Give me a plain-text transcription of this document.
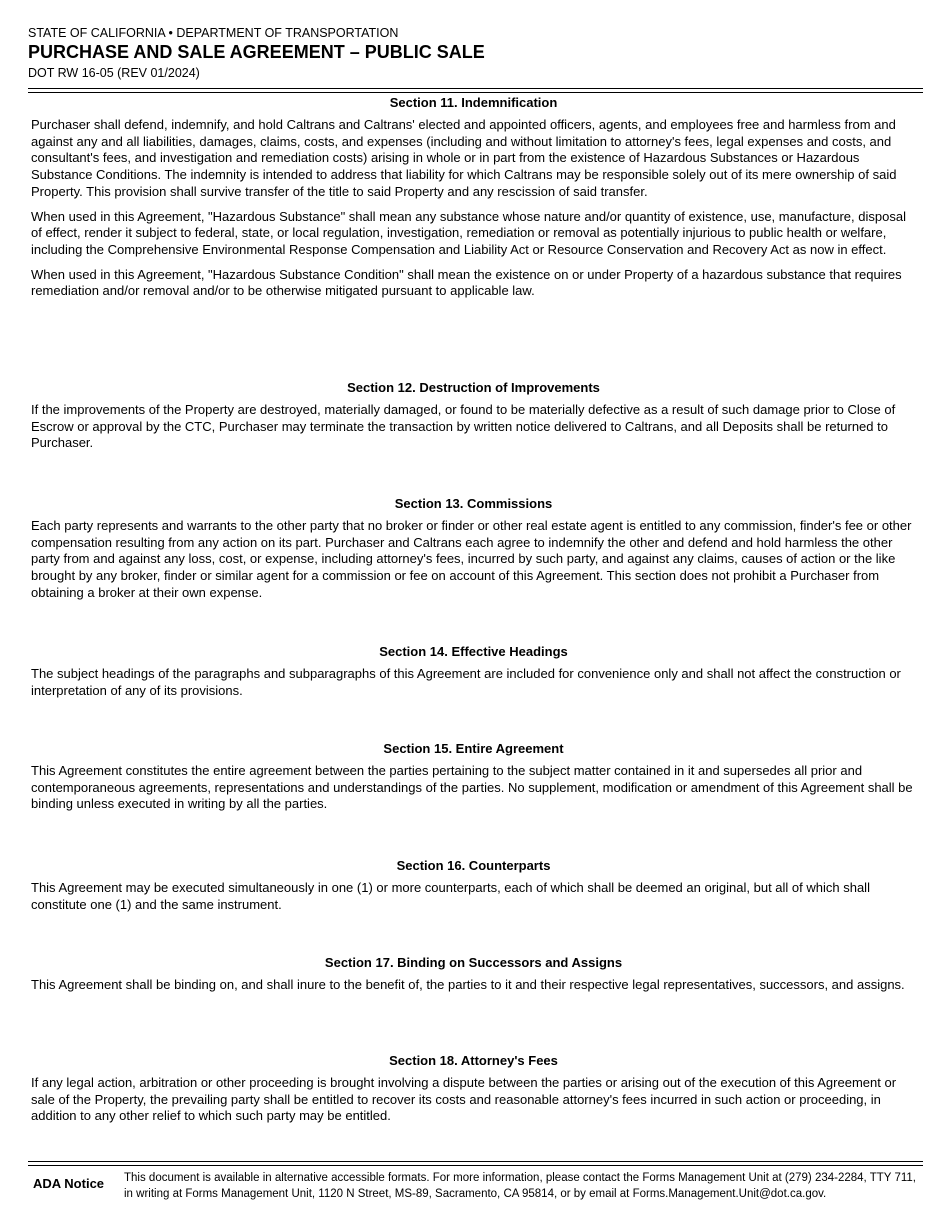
STATE OF CALIFORNIA • DEPARTMENT OF TRANSPORTATION
PURCHASE AND SALE AGREEMENT – PUBLIC SALE
DOT RW 16-05 (REV 01/2024)
Section 11. Indemnification

Purchaser shall defend, indemnify, and hold Caltrans and Caltrans' elected and appointed officers, agents, and employees free and harmless from and against any and all liabilities, damages, claims, costs, and expenses (including and without limitation to attorney's fees, legal expenses and costs, and consultant's fees, and investigation and remediation costs) arising in whole or in part from the existence of Hazardous Substances or Hazardous Substance Conditions. The indemnity is intended to address that liability for which Caltrans may be responsible solely out of its mere ownership of said Property. This provision shall survive transfer of the title to said Property and any rescission of said transfer.

When used in this Agreement, "Hazardous Substance" shall mean any substance whose nature and/or quantity of existence, use, manufacture, disposal of effect, render it subject to federal, state, or local regulation, investigation, remediation or removal as potentially injurious to public health or welfare, including the Comprehensive Environmental Response Compensation and Liability Act or Resource Conservation and Recovery Act as now in effect.

When used in this Agreement, "Hazardous Substance Condition" shall mean the existence on or under Property of a hazardous substance that requires remediation and/or removal and/or to be otherwise mitigated pursuant to applicable law.

Section 12. Destruction of Improvements

If the improvements of the Property are destroyed, materially damaged, or found to be materially defective as a result of such damage prior to Close of Escrow or approval by the CTC, Purchaser may terminate the transaction by written notice delivered to Caltrans, and all Deposits shall be returned to Purchaser.

Section 13. Commissions

Each party represents and warrants to the other party that no broker or finder or other real estate agent is entitled to any commission, finder's fee or other compensation resulting from any action on its part. Purchaser and Caltrans each agree to indemnify the other and defend and hold harmless the other party from and against any loss, cost, or expense, including attorney's fees, incurred by such party, and against any claims, causes of action or the like brought by any broker, finder or similar agent for a commission or fee on account of this Agreement. This section does not prohibit a Purchaser from obtaining a broker at their own expense.

Section 14. Effective Headings

The subject headings of the paragraphs and subparagraphs of this Agreement are included for convenience only and shall not affect the construction or interpretation of any of its provisions.

Section 15. Entire Agreement

This Agreement constitutes the entire agreement between the parties pertaining to the subject matter contained in it and supersedes all prior and contemporaneous agreements, representations and understandings of the parties. No supplement, modification or amendment of this Agreement shall be binding unless executed in writing by all the parties.

Section 16. Counterparts

This Agreement may be executed simultaneously in one (1) or more counterparts, each of which shall be deemed an original, but all of which shall constitute one (1) and the same instrument.

Section 17. Binding on Successors and Assigns

This Agreement shall be binding on, and shall inure to the benefit of, the parties to it and their respective legal representatives, successors, and assigns.

Section 18. Attorney's Fees

If any legal action, arbitration or other proceeding is brought involving a dispute between the parties or arising out of the execution of this Agreement or sale of the Property, the prevailing party shall be entitled to recover its costs and reasonable attorney's fees incurred in such action or proceeding, in addition to any other relief to which such party may be entitled.

ADA Notice This document is available in alternative accessible formats. For more information, please contact the Forms Management Unit at (279) 234-2284, TTY 711, in writing at Forms Management Unit, 1120 N Street, MS-89, Sacramento, CA 95814, or by email at Forms.Management.Unit@dot.ca.gov.
